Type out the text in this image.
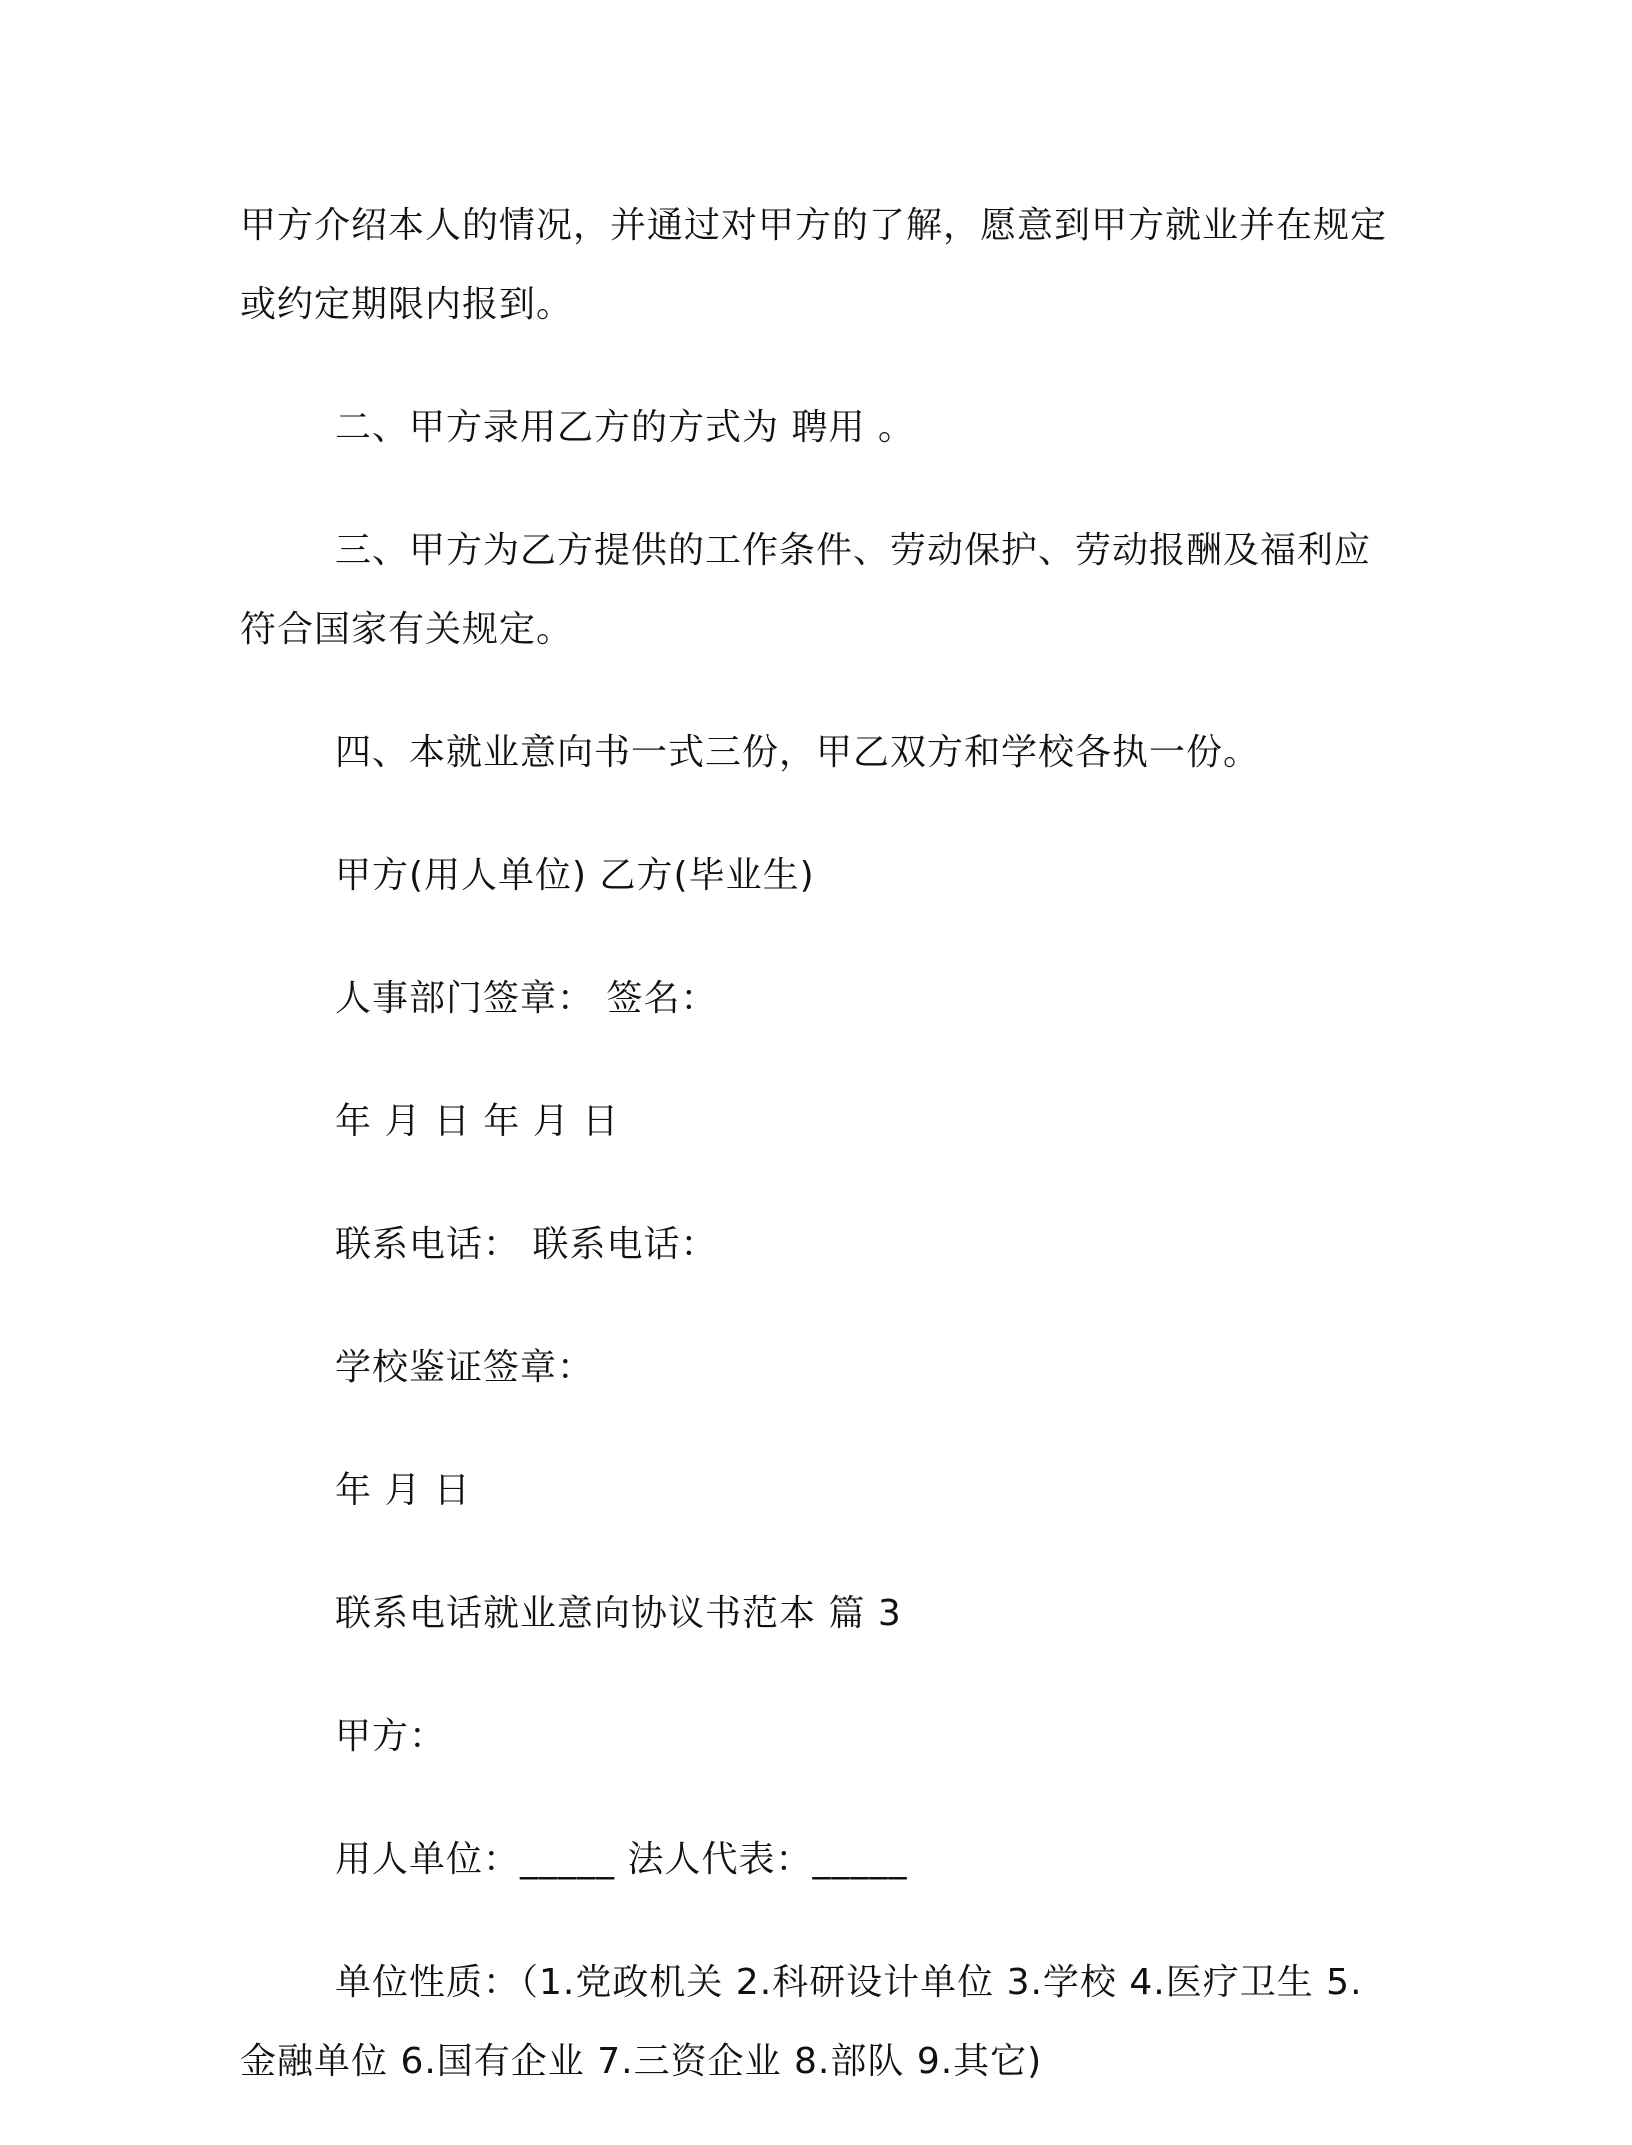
甲方介绍本人的情况，并通过对甲方的了解，愿意到甲方就业并在规定或约定期限内报到。

二、甲方录用乙方的方式为 聘用 。

三、甲方为乙方提供的工作条件、劳动保护、劳动报酬及福利应符合国家有关规定。

四、本就业意向书一式三份，甲乙双方和学校各执一份。

甲方(用人单位) 乙方(毕业生)

人事部门签章： 签名：

年 月 日 年 月 日

联系电话： 联系电话：

学校鉴证签章：

年 月 日

联系电话就业意向协议书范本 篇 3

甲方：

用人单位：_____ 法人代表：_____

单位性质：（1.党政机关 2.科研设计单位 3.学校 4.医疗卫生 5.金融单位 6.国有企业 7.三资企业 8.部队 9.其它)
